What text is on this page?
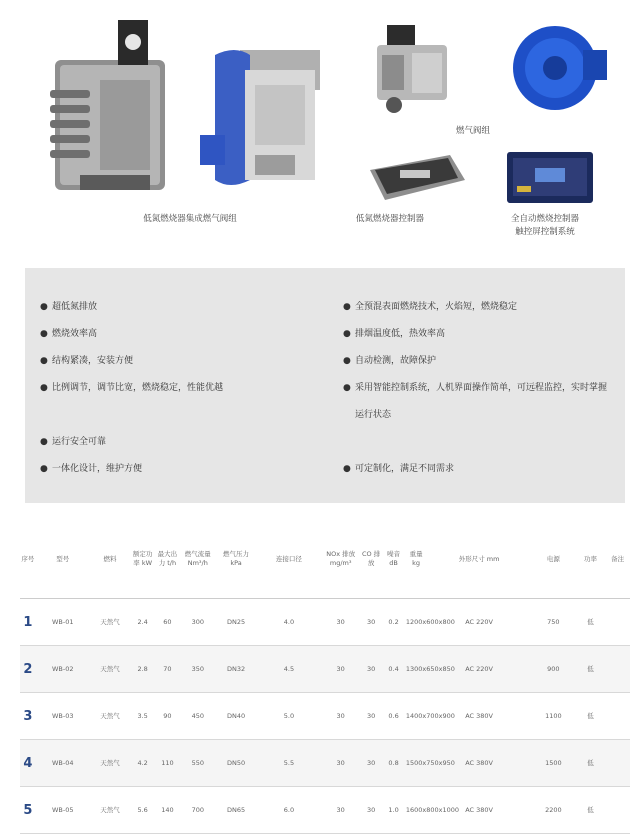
燃气阀组
低氮燃烧器集成燃气阀组	低氮燃烧器控制器	全自动燃烧控制器
触控屏控制系统
● 超低氮排放
● 燃烧效率高
● 结构紧凑，安装方便
● 比例调节，调节比宽，燃烧稳定，性能优越
● 运行安全可靠
● 一体化设计，维护方便
● 全预混表面燃烧技术，火焰短，燃烧稳定
● 排烟温度低，热效率高
● 自动检测，故障保护
● 采用智能控制系统，人机界面操作简单，可远程监控，实时掌握运行状态
● 可定制化，满足不同需求
序号	型号	燃料	额定功率 kW	最大出力 t/h	燃气流量 Nm³/h	燃气压力 kPa	连接口径	NOx 排放 mg/m³	CO 排放	噪音 dB	重量 kg	外形尺寸 mm	电源	功率	备注
1	WB-01	天然气	2.4	60	300	DN25	4.0	30	30	0.2	1200x600x800	AC 220V	750	低	
2	WB-02	天然气	2.8	70	350	DN32	4.5	30	30	0.4	1300x650x850	AC 220V	900	低	
3	WB-03	天然气	3.5	90	450	DN40	5.0	30	30	0.6	1400x700x900	AC 380V	1100	低	
4	WB-04	天然气	4.2	110	550	DN50	5.5	30	30	0.8	1500x750x950	AC 380V	1500	低	
5	WB-05	天然气	5.6	140	700	DN65	6.0	30	30	1.0	1600x800x1000	AC 380V	2200	低	
